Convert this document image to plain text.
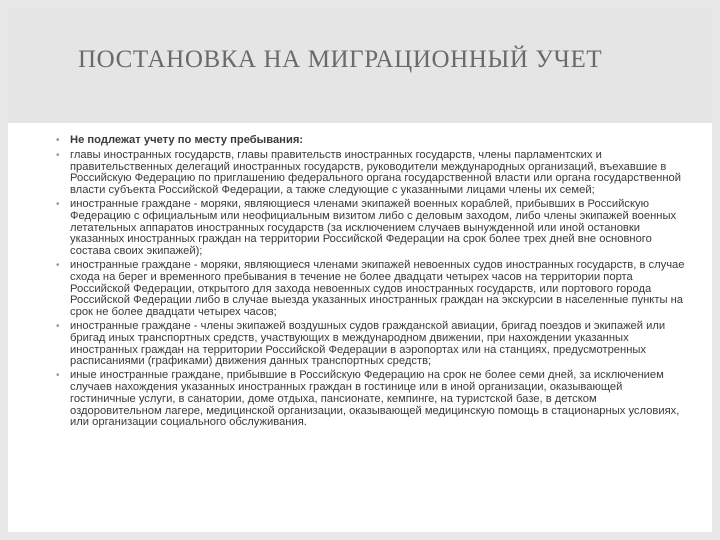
ПОСТАНОВКА НА МИГРАЦИОННЫЙ УЧЕТ
• Не подлежат учету по месту пребывания:
• главы иностранных государств, главы правительств иностранных государств, члены парламентских и правительственных делегаций иностранных государств, руководители международных организаций, въехавшие в Российскую Федерацию по приглашению федерального органа государственной власти или органа государственной власти субъекта Российской Федерации, а также следующие с указанными лицами члены их семей;
• иностранные граждане - моряки, являющиеся членами экипажей военных кораблей, прибывших в Российскую Федерацию с официальным или неофициальным визитом либо с деловым заходом, либо члены экипажей военных летательных аппаратов иностранных государств (за исключением случаев вынужденной или иной остановки указанных иностранных граждан на территории Российской Федерации на срок более трех дней вне основного состава своих экипажей);
• иностранные граждане - моряки, являющиеся членами экипажей невоенных судов иностранных государств, в случае схода на берег и временного пребывания в течение не более двадцати четырех часов на территории порта Российской Федерации, открытого для захода невоенных судов иностранных государств, или портового города Российской Федерации либо в случае выезда указанных иностранных граждан на экскурсии в населенные пункты на срок не более двадцати четырех часов;
• иностранные граждане - члены экипажей воздушных судов гражданской авиации, бригад поездов и экипажей или бригад иных транспортных средств, участвующих в международном движении, при нахождении указанных иностранных граждан на территории Российской Федерации в аэропортах или на станциях, предусмотренных расписаниями (графиками) движения данных транспортных средств;
• иные иностранные граждане, прибывшие в Российскую Федерацию на срок не более семи дней, за исключением случаев нахождения указанных иностранных граждан в гостинице или в иной организации, оказывающей гостиничные услуги, в санатории, доме отдыха, пансионате, кемпинге, на туристской базе, в детском оздоровительном лагере, медицинской организации, оказывающей медицинскую помощь в стационарных условиях, или организации социального обслуживания.
